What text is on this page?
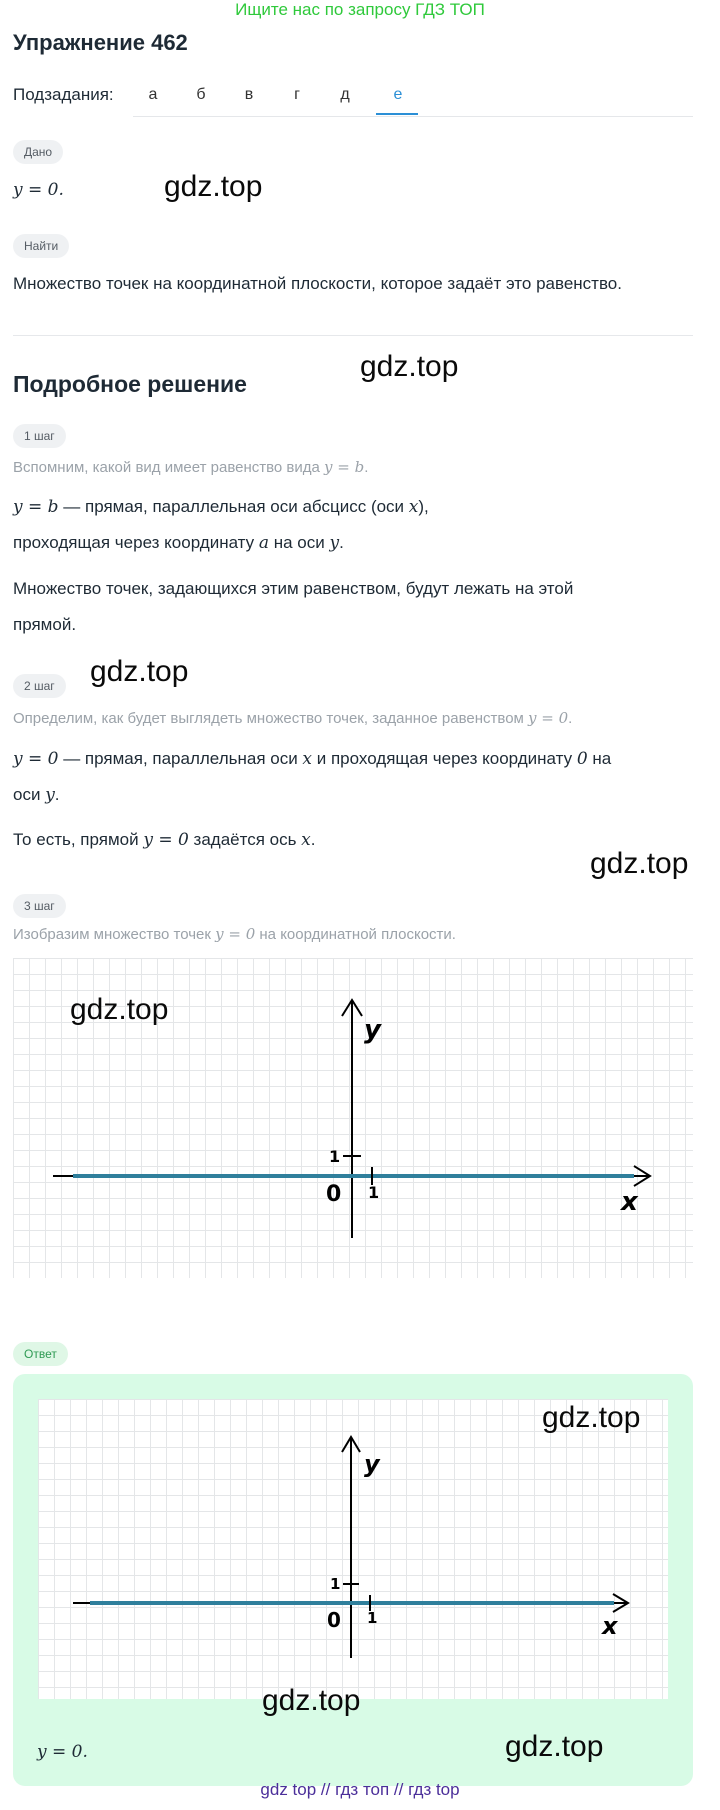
Ищите нас по запросу ГДЗ ТОП
Упражнение 462
Подзадания:	а	б	в	г	д	е
Дано
y = 0.	gdz.top
Найти
Множество точек на координатной плоскости, которое задаёт это равенство.
Подробное решение
gdz.top
1 шаг
Вспомним, какой вид имеет равенство вида y = b.
y = b — прямая, параллельная оси абсцисс (оси x),
проходящая через координату a на оси y.
Множество точек, задающихся этим равенством, будут лежать на этой
прямой.
gdz.top
2 шаг
Определим, как будет выглядеть множество точек, заданное равенством y = 0.
y = 0 — прямая, параллельная оси x и проходящая через координату 0 на
оси y.
То есть, прямой y = 0 задаётся ось x.
gdz.top
3 шаг
Изобразим множество точек y = 0 на координатной плоскости.
y
x
0 1
1
gdz.top
Ответ
y
x
0 1
1
gdz.top
gdz.top
y = 0.	gdz.top
gdz top // гдз топ // гдз top
